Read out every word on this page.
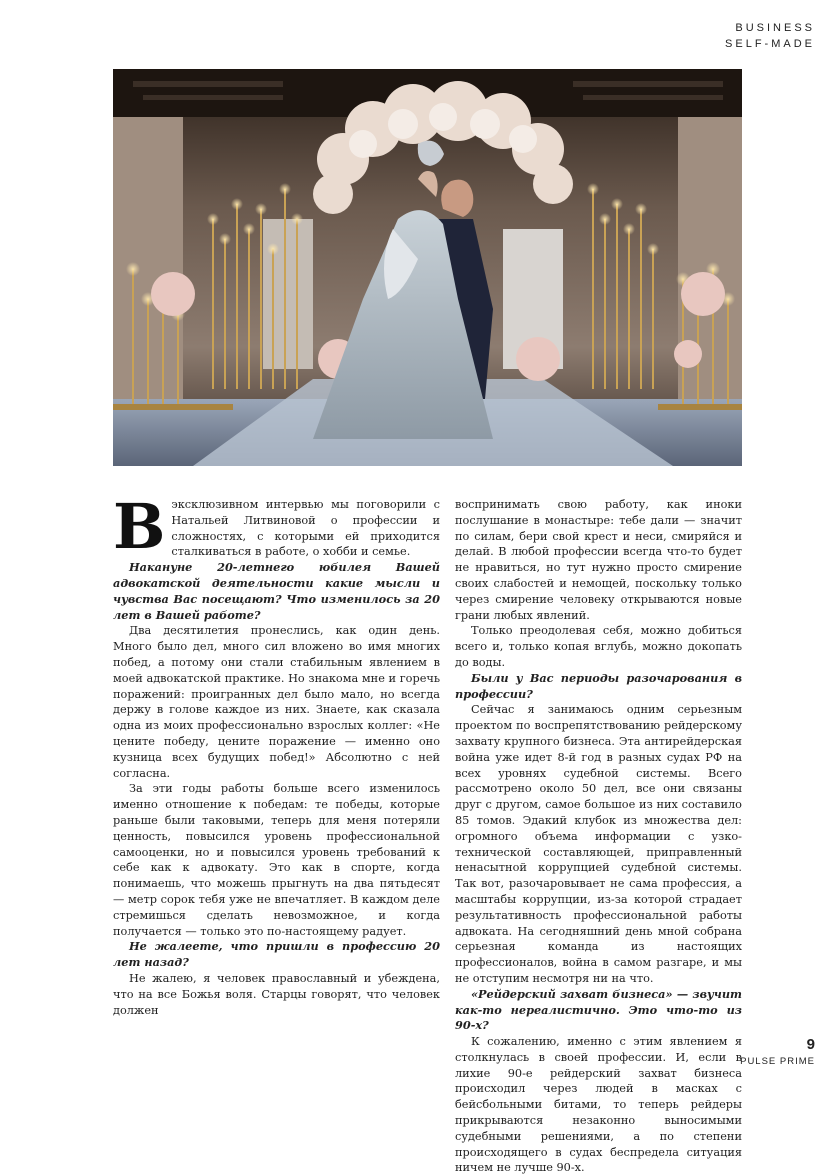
BUSINESS
SELF-MADE

Вэксклюзивном интервью мы поговорили с Натальей Литвиновой о профессии и сложностях, с которыми ей приходится сталкиваться в работе, о хобби и семье.

Накануне 20-летнего юбилея Вашей адвокатской деятельности какие мысли и чувства Вас посещают? Что изменилось за 20 лет в Вашей работе?

Два десятилетия пронеслись, как один день. Много было дел, много сил вложено во имя многих побед, а потому они стали стабильным явлением в моей адвокатской практике. Но знакома мне и горечь поражений: проигранных дел было мало, но всегда держу в голове каждое из них. Знаете, как сказала одна из моих профессионально взрослых коллег: «Не цените победу, цените поражение — именно оно кузница всех будущих побед!» Абсолютно с ней согласна.

За эти годы работы больше всего изменилось именно отношение к победам: те победы, которые раньше были таковыми, теперь для меня потеряли ценность, повысился уровень профессиональной самооценки, но и повысился уровень требований к себе как к адвокату. Это как в спорте, когда понимаешь, что можешь прыгнуть на два пятьдесят — метр сорок тебя уже не впечатляет. В каждом деле стремишься сделать невозможное, и когда получается — только это по-настоящему радует.

Не жалеете, что пришли в профессию 20 лет назад?

Не жалею, я человек православный и убеждена, что на все Божья воля. Старцы говорят, что человек должен

воспринимать свою работу, как иноки послушание в монастыре: тебе дали — значит по силам, бери свой крест и неси, смиряйся и делай. В любой профессии всегда что-то будет не нравиться, но тут нужно просто смирение своих слабостей и немощей, поскольку только через смирение человеку открываются новые грани любых явлений.

Только преодолевая себя, можно добиться всего и, только копая вглубь, можно докопать до воды.

Были у Вас периоды разочарования в профессии?

Сейчас я занимаюсь одним серьезным проектом по воспрепятствованию рейдерскому захвату крупного бизнеса. Эта антирейдерская война уже идет 8-й год в разных судах РФ на всех уровнях судебной системы. Всего рассмотрено около 50 дел, все они связаны друг с другом, самое большое из них составило 85 томов. Эдакий клубок из множества дел: огромного объема информации с узко-технической составляющей, приправленный ненасытной коррупцией судебной системы. Так вот, разочаровывает не сама профессия, а масштабы коррупции, из-за которой страдает результативность профессиональной работы адвоката. На сегодняшний день мной собрана серьезная команда из настоящих профессионалов, война в самом разгаре, и мы не отступим несмотря ни на что.

«Рейдерский захват бизнеса» — звучит как-то нереалистично. Это что-то из 90-х?

К сожалению, именно с этим явлением я столкнулась в своей профессии. И, если в лихие 90-е рейдерский захват бизнеса происходил через людей в масках с бейсбольными битами, то теперь рейдеры прикрываются незаконно выносимыми судебными решениями, а по степени происходящего в судах беспредела ситуация ничем не лучше 90-х.

9
PULSE PRIME
